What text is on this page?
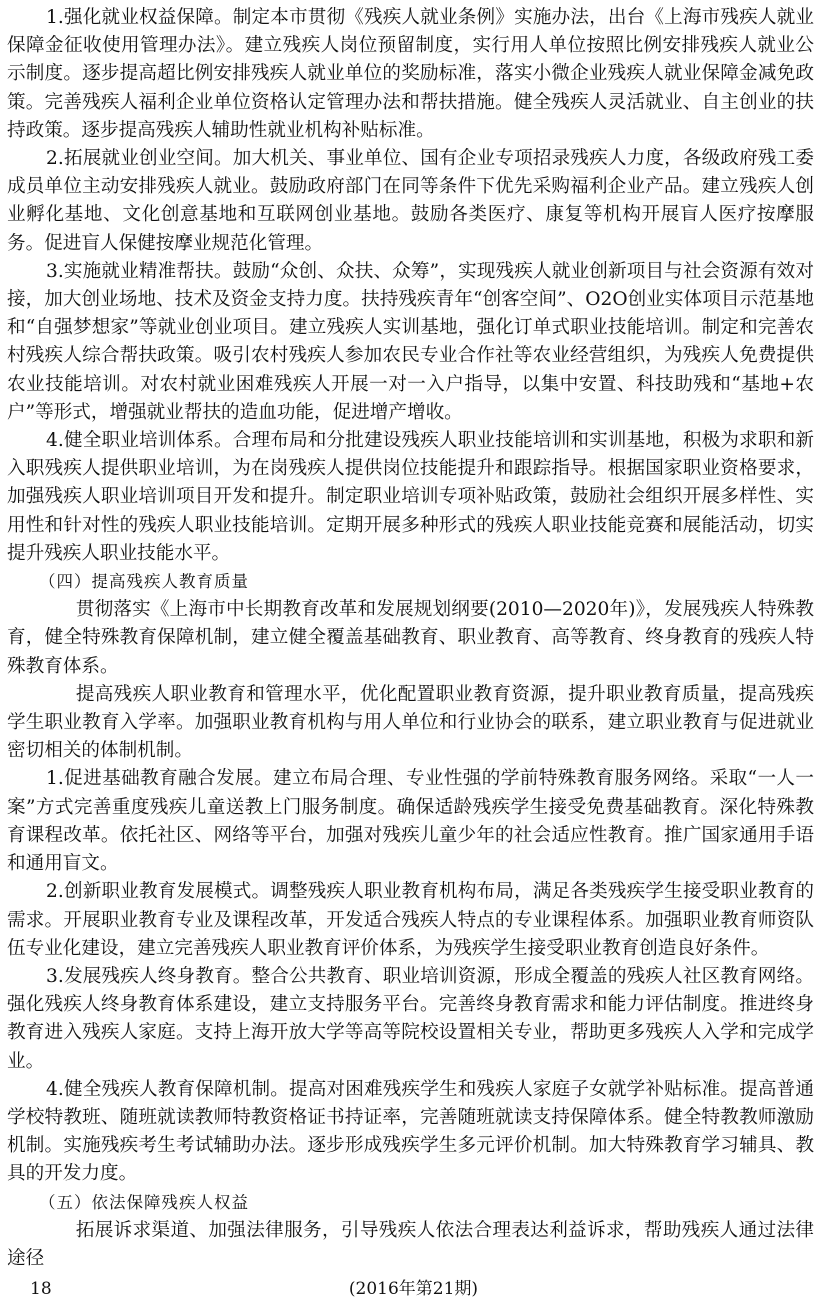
1.强化就业权益保障。制定本市贯彻《残疾人就业条例》实施办法，出台《上海市残疾人就业保障金征收使用管理办法》。建立残疾人岗位预留制度，实行用人单位按照比例安排残疾人就业公示制度。逐步提高超比例安排残疾人就业单位的奖励标准，落实小微企业残疾人就业保障金减免政策。完善残疾人福利企业单位资格认定管理办法和帮扶措施。健全残疾人灵活就业、自主创业的扶持政策。逐步提高残疾人辅助性就业机构补贴标准。

2.拓展就业创业空间。加大机关、事业单位、国有企业专项招录残疾人力度，各级政府残工委成员单位主动安排残疾人就业。鼓励政府部门在同等条件下优先采购福利企业产品。建立残疾人创业孵化基地、文化创意基地和互联网创业基地。鼓励各类医疗、康复等机构开展盲人医疗按摩服务。促进盲人保健按摩业规范化管理。

3.实施就业精准帮扶。鼓励“众创、众扶、众筹”，实现残疾人就业创新项目与社会资源有效对接，加大创业场地、技术及资金支持力度。扶持残疾青年“创客空间”、O2O创业实体项目示范基地和“自强梦想家”等就业创业项目。建立残疾人实训基地，强化订单式职业技能培训。制定和完善农村残疾人综合帮扶政策。吸引农村残疾人参加农民专业合作社等农业经营组织，为残疾人免费提供农业技能培训。对农村就业困难残疾人开展一对一入户指导，以集中安置、科技助残和“基地+农户”等形式，增强就业帮扶的造血功能，促进增产增收。

4.健全职业培训体系。合理布局和分批建设残疾人职业技能培训和实训基地，积极为求职和新入职残疾人提供职业培训，为在岗残疾人提供岗位技能提升和跟踪指导。根据国家职业资格要求，加强残疾人职业培训项目开发和提升。制定职业培训专项补贴政策，鼓励社会组织开展多样性、实用性和针对性的残疾人职业技能培训。定期开展多种形式的残疾人职业技能竞赛和展能活动，切实提升残疾人职业技能水平。

（四）提高残疾人教育质量

贯彻落实《上海市中长期教育改革和发展规划纲要(2010—2020年)》，发展残疾人特殊教育，健全特殊教育保障机制，建立健全覆盖基础教育、职业教育、高等教育、终身教育的残疾人特殊教育体系。

提高残疾人职业教育和管理水平，优化配置职业教育资源，提升职业教育质量，提高残疾学生职业教育入学率。加强职业教育机构与用人单位和行业协会的联系，建立职业教育与促进就业密切相关的体制机制。

1.促进基础教育融合发展。建立布局合理、专业性强的学前特殊教育服务网络。采取“一人一案”方式完善重度残疾儿童送教上门服务制度。确保适龄残疾学生接受免费基础教育。深化特殊教育课程改革。依托社区、网络等平台，加强对残疾儿童少年的社会适应性教育。推广国家通用手语和通用盲文。

2.创新职业教育发展模式。调整残疾人职业教育机构布局，满足各类残疾学生接受职业教育的需求。开展职业教育专业及课程改革，开发适合残疾人特点的专业课程体系。加强职业教育师资队伍专业化建设，建立完善残疾人职业教育评价体系，为残疾学生接受职业教育创造良好条件。

3.发展残疾人终身教育。整合公共教育、职业培训资源，形成全覆盖的残疾人社区教育网络。强化残疾人终身教育体系建设，建立支持服务平台。完善终身教育需求和能力评估制度。推进终身教育进入残疾人家庭。支持上海开放大学等高等院校设置相关专业，帮助更多残疾人入学和完成学业。

4.健全残疾人教育保障机制。提高对困难残疾学生和残疾人家庭子女就学补贴标准。提高普通学校特教班、随班就读教师特教资格证书持证率，完善随班就读支持保障体系。健全特教教师激励机制。实施残疾考生考试辅助办法。逐步形成残疾学生多元评价机制。加大特殊教育学习辅具、教具的开发力度。

（五）依法保障残疾人权益

拓展诉求渠道、加强法律服务，引导残疾人依法合理表达利益诉求，帮助残疾人通过法律途径

18	(2016年第21期)
